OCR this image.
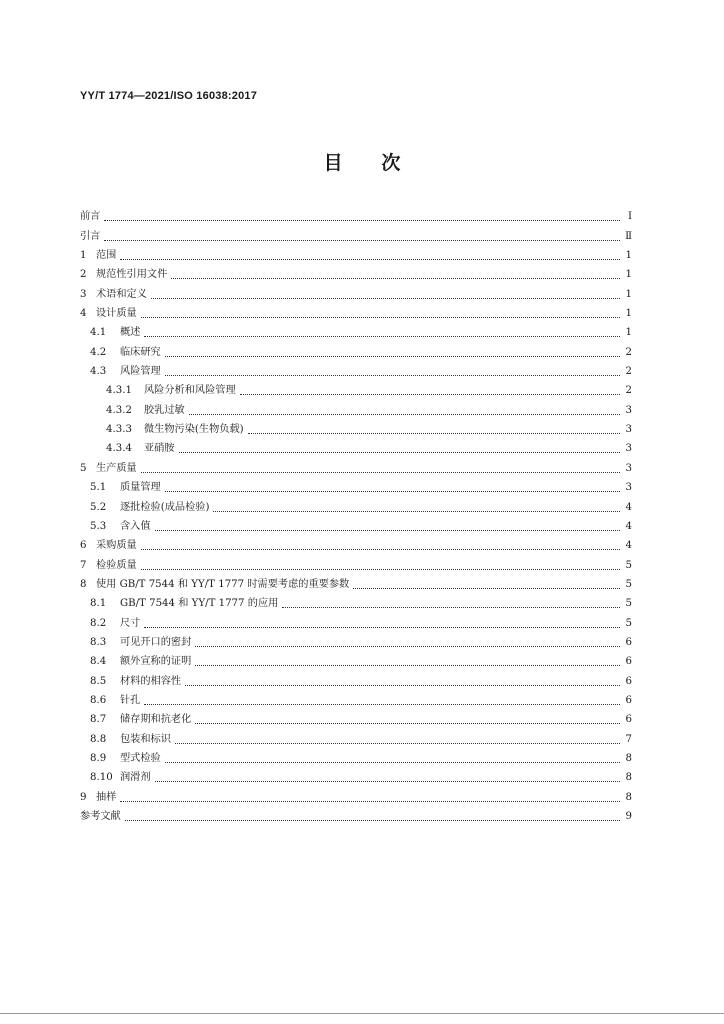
YY/T 1774—2021/ISO 16038:2017
目 次
前言	Ⅰ
引言	Ⅱ
1 范围	1
2 规范性引用文件	1
3 术语和定义	1
4 设计质量	1
4.1	概述	1
4.2	临床研究	2
4.3	风险管理	2
4.3.1	风险分析和风险管理	2
4.3.2	胶乳过敏	3
4.3.3	微生物污染(生物负载)	3
4.3.4	亚硝胺	3
5 生产质量	3
5.1	质量管理	3
5.2	逐批检验(成品检验)	4
5.3	含入值	4
6 采购质量	4
7 检验质量	5
8 使用 GB/T 7544 和 YY/T 1777 时需要考虑的重要参数	5
8.1	GB/T 7544 和 YY/T 1777 的应用	5
8.2	尺寸	5
8.3	可见开口的密封	6
8.4	额外宣称的证明	6
8.5	材料的相容性	6
8.6	针孔	6
8.7	储存期和抗老化	6
8.8	包装和标识	7
8.9	型式检验	8
8.10 润滑剂	8
9 抽样	8
参考文献	9
